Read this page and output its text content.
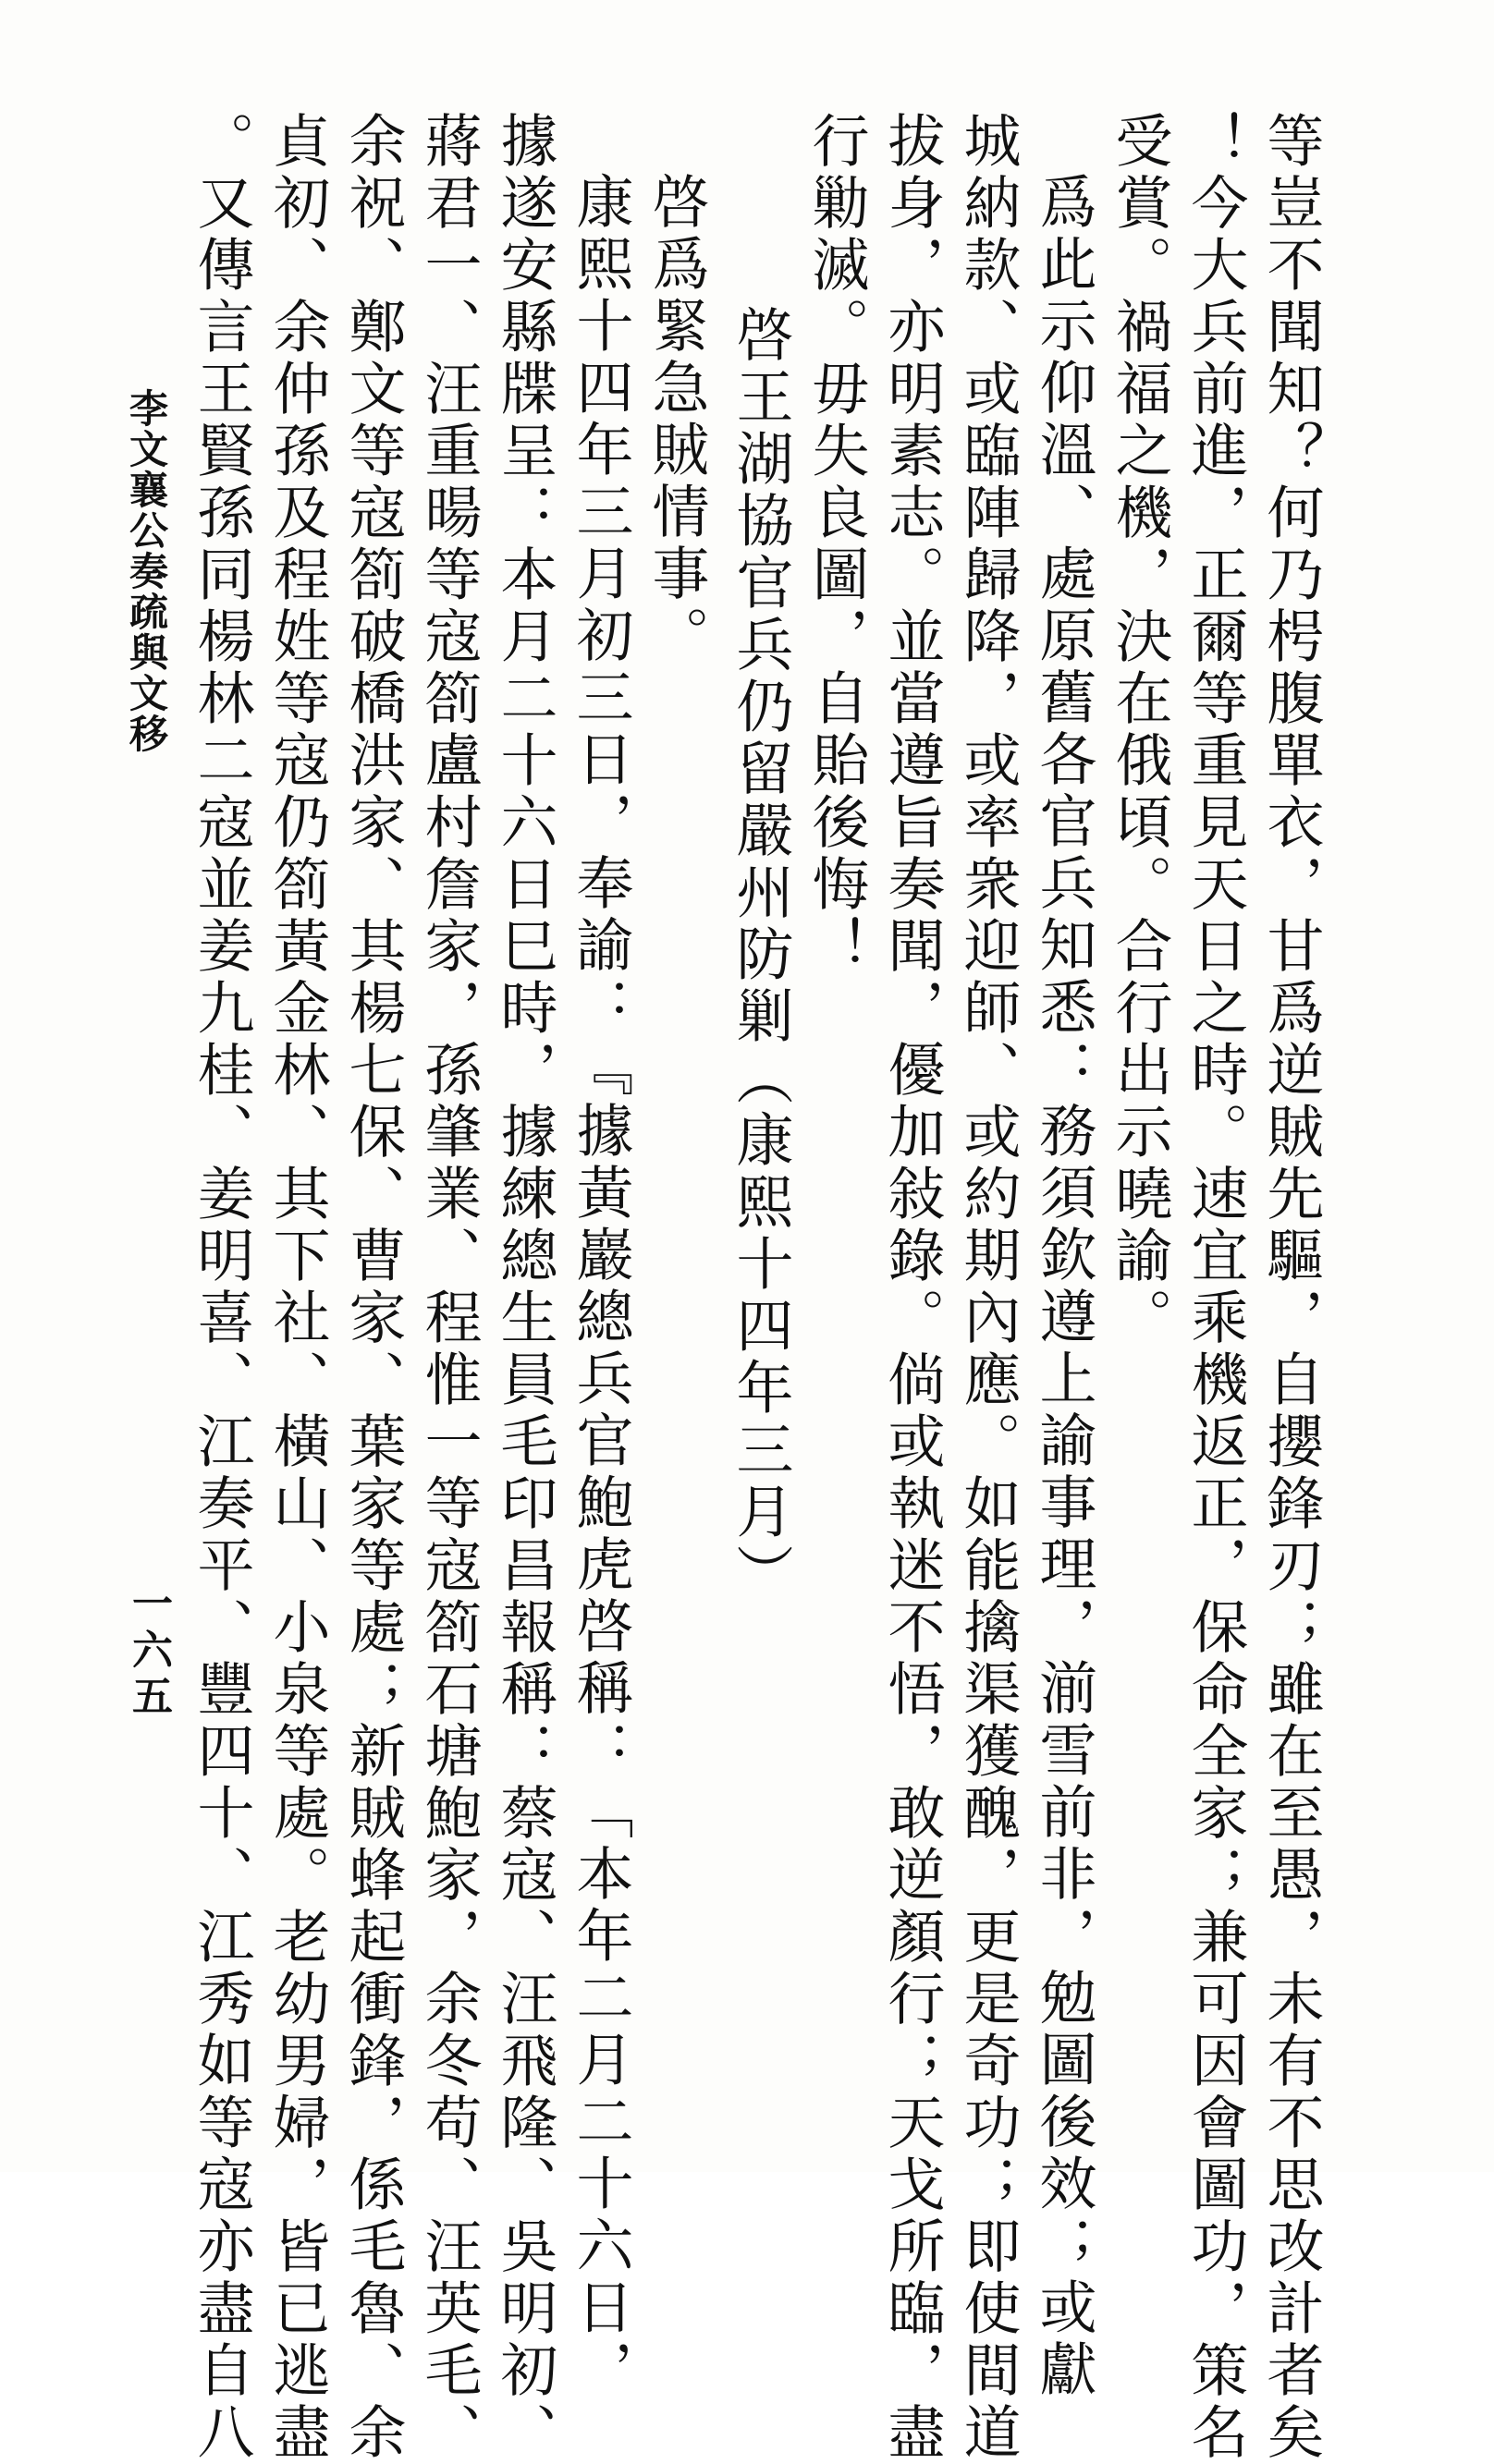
等豈不聞知？何乃枵腹單衣，甘爲逆賊先驅，自攖鋒刃；雖在至愚，未有不思改計者矣
！今大兵前進，正爾等重見天日之時。速宜乘機返正，保命全家；兼可因會圖功，策名
受賞。禍福之機，決在俄頃。合行出示曉諭。
爲此示仰溫、處原舊各官兵知悉：務須欽遵上諭事理，湔雪前非，勉圖後效；或獻
城納款、或臨陣歸降，或率衆迎師、或約期內應。如能擒渠獲醜，更是奇功；即使間道
拔身，亦明素志。並當遵旨奏聞，優加敍錄。倘或執迷不悟，敢逆顏行；天戈所臨，盡
行勦滅。毋失良圖，自貽後悔！
啓王湖協官兵仍留嚴州防剿（康熙十四年三月）
啓爲緊急賊情事。
康熙十四年三月初三日，奉諭：『據黃巖總兵官鮑虎啓稱：「本年二月二十六日，
據遂安縣牒呈：本月二十六日巳時，據練總生員毛印昌報稱：蔡寇、汪飛隆、吳明初、
蔣君一、汪重暘等寇箚盧村詹家，孫肇業、程惟一等寇箚石塘鮑家，余冬苟、汪英毛、
余祝、鄭文等寇箚破橋洪家、其楊七保、曹家、葉家等處；新賊蜂起衝鋒，係毛魯、余
貞初、余仲孫及程姓等寇仍箚黃金林、其下社、橫山、小泉等處。老幼男婦，皆已逃盡
。又傳言王賢孫同楊林二寇並姜九桂、姜明喜、江奏平、豐四十、江秀如等寇亦盡自八
李文襄公奏疏與文移
一六五
